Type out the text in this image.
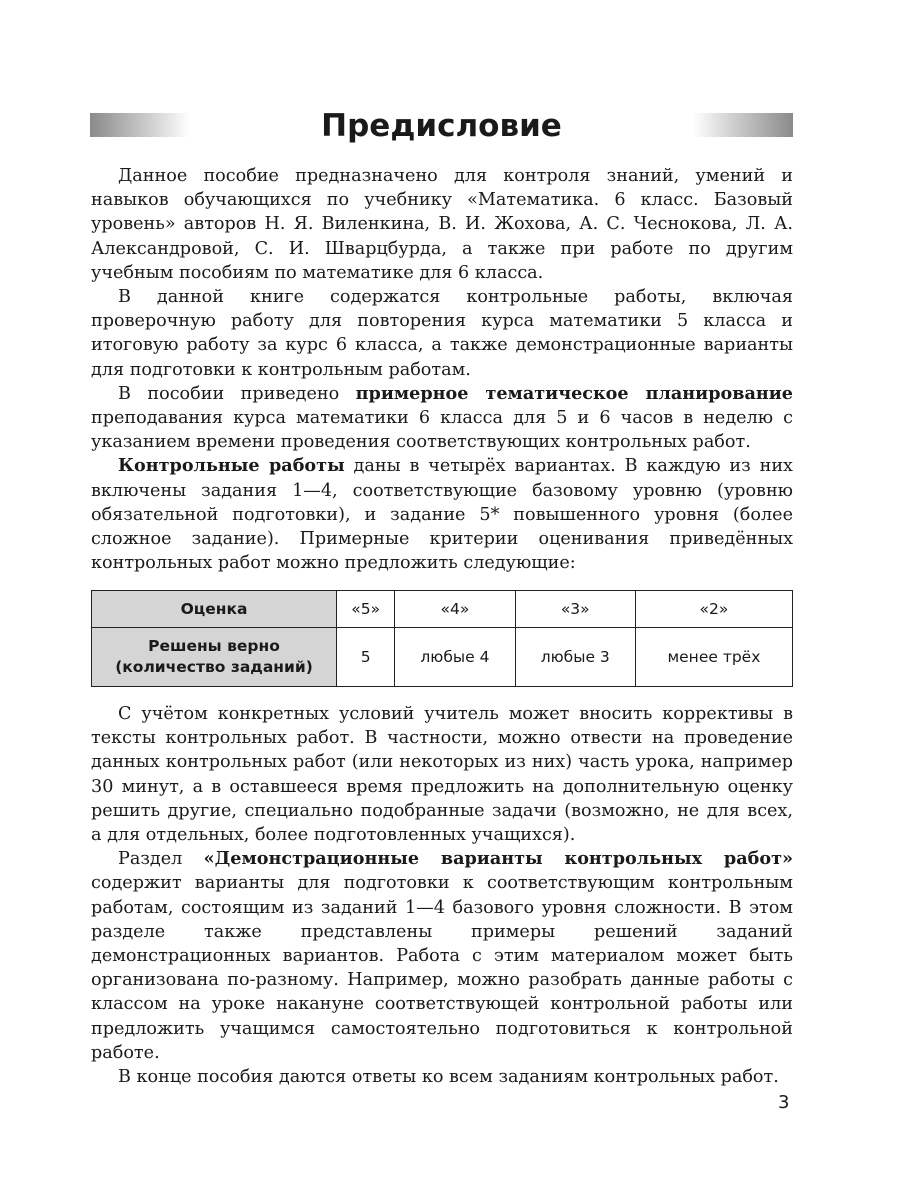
Предисловие

Данное пособие предназначено для контроля знаний, умений и навыков обучающихся по учебнику «Математика. 6 класс. Базовый уровень» авторов Н. Я. Виленкина, В. И. Жохова, А. С. Чеснокова, Л. А. Александровой, С. И. Шварцбурда, а также при работе по другим учебным пособиям по математике для 6 класса.

В данной книге содержатся контрольные работы, включая проверочную работу для повторения курса математики 5 класса и итоговую работу за курс 6 класса, а также демонстрационные варианты для подготовки к контрольным работам.

В пособии приведено примерное тематическое планирование преподавания курса математики 6 класса для 5 и 6 часов в неделю с указанием времени проведения соответствующих контрольных работ.

Контрольные работы даны в четырёх вариантах. В каждую из них включены задания 1—4, соответствующие базовому уровню (уровню обязательной подготовки), и задание 5* повышенного уровня (более сложное задание). Примерные критерии оценивания приведённых контрольных работ можно предложить следующие:

Оценка	«5»	«4»	«3»	«2»
Решены верно (количество заданий)	5	любые 4	любые 3	менее трёх

С учётом конкретных условий учитель может вносить коррективы в тексты контрольных работ. В частности, можно отвести на проведение данных контрольных работ (или некоторых из них) часть урока, например 30 минут, а в оставшееся время предложить на дополнительную оценку решить другие, специально подобранные задачи (возможно, не для всех, а для отдельных, более подготовленных учащихся).

Раздел «Демонстрационные варианты контрольных работ» содержит варианты для подготовки к соответствующим контрольным работам, состоящим из заданий 1—4 базового уровня сложности. В этом разделе также представлены примеры решений заданий демонстрационных вариантов. Работа с этим материалом может быть организована по-разному. Например, можно разобрать данные работы с классом на уроке накануне соответствующей контрольной работы или предложить учащимся самостоятельно подготовиться к контрольной работе.

В конце пособия даются ответы ко всем заданиям контрольных работ.

3
